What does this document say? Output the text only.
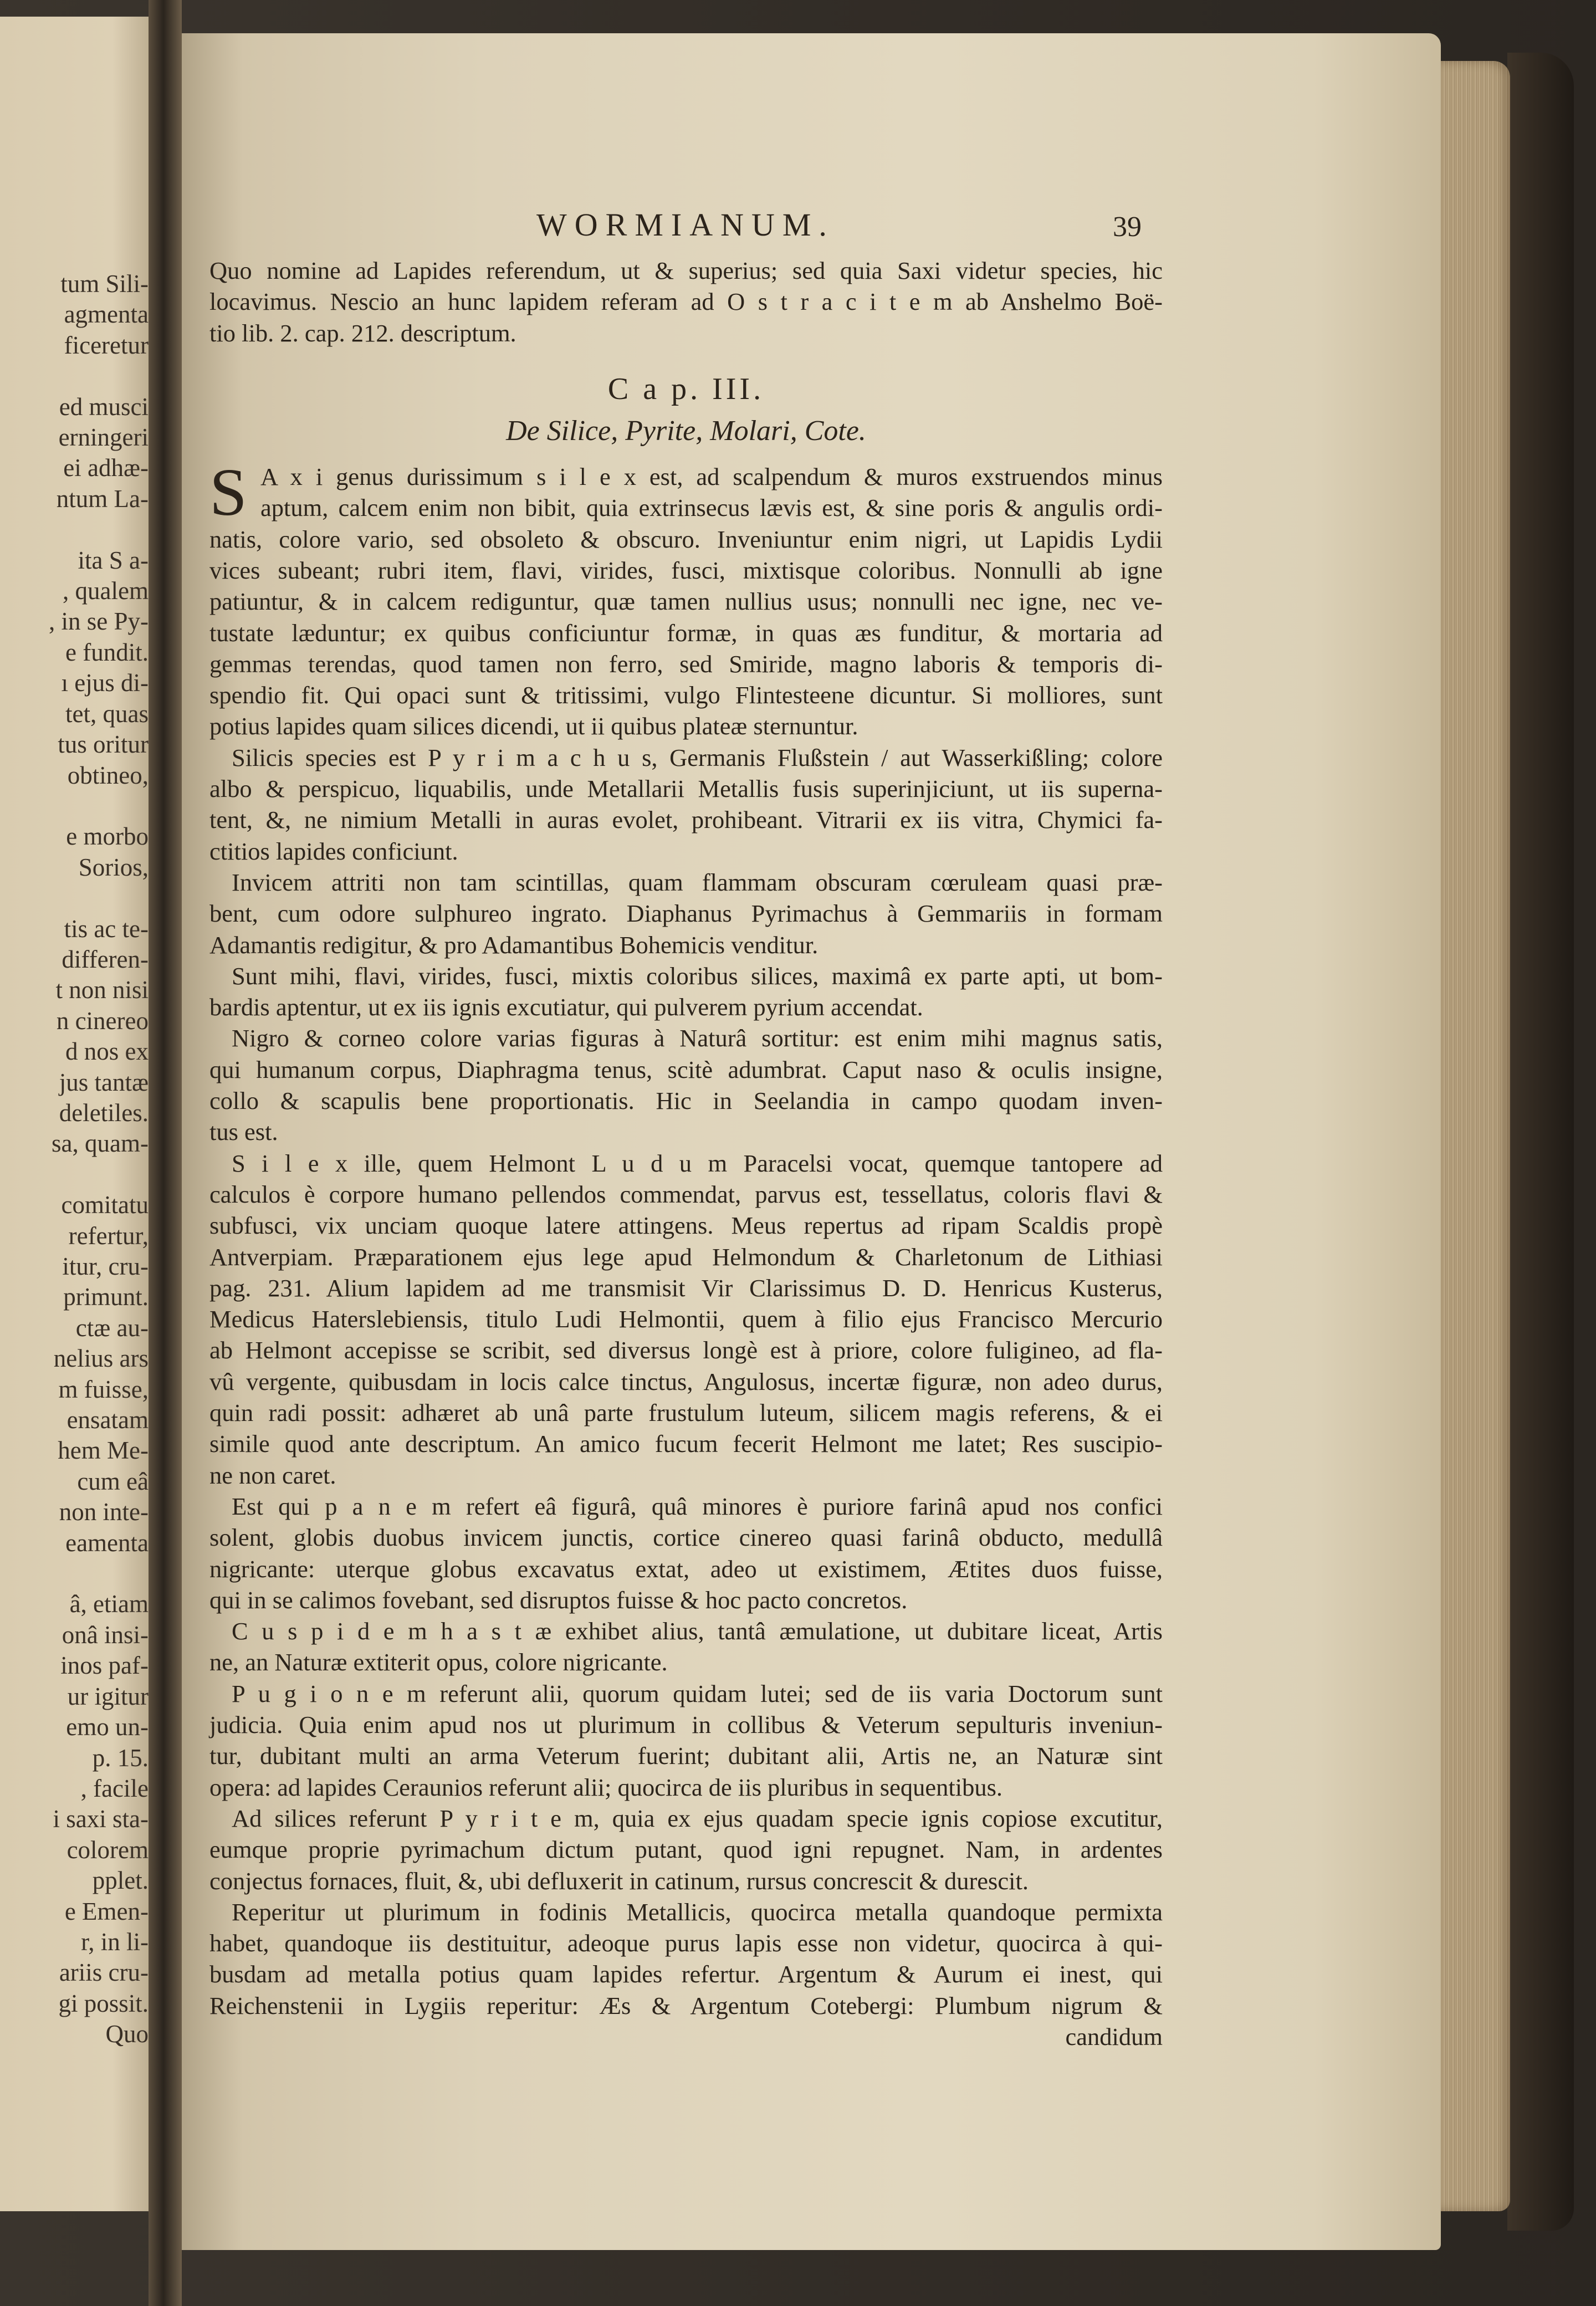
tum Sili-
agmenta
ficeretur

ed musci
erningeri
ei adhæ-
ntum La-

ita S a-
, qualem
, in se Py-
e fundit.
ı ejus di-
tet, quas
tus oritur
obtineo,

e morbo
Sorios,

tis ac te-
differen-
t non nisi
n cinereo
d nos ex
jus tantæ
deletiles.
sa, quam-

comitatu
refertur,
itur, cru-
primunt.
ctæ au-
nelius ars
m fuisse,
ensatam
hem Me-
cum eâ
non inte-
eamenta

â, etiam
onâ insi-
inos paf-
ur igitur
emo un-
p. 15.
, facile
i saxi sta-
colorem
pplet.
e Emen-
r, in li-
ariis cru-
gi possit.
Quo
WORMIANUM.	39
Quo nomine ad Lapides referendum, ut & superius; sed quia Saxi videtur species, hic
locavimus. Nescio an hunc lapidem referam ad O s t r a c i t e m ab Anshelmo Boë-
tio lib. 2. cap. 212. descriptum.
C a p. III.
De Silice, Pyrite, Molari, Cote.
S A x i genus durissimum s i l e x est, ad scalpendum & muros exstruendos minus
aptum, calcem enim non bibit, quia extrinsecus lævis est, & sine poris & angulis ordi-
natis, colore vario, sed obsoleto & obscuro. Inveniuntur enim nigri, ut Lapidis Lydii
vices subeant; rubri item, flavi, virides, fusci, mixtisque coloribus. Nonnulli ab igne
patiuntur, & in calcem rediguntur, quæ tamen nullius usus; nonnulli nec igne, nec ve-
tustate læduntur; ex quibus conficiuntur formæ, in quas æs funditur, & mortaria ad
gemmas terendas, quod tamen non ferro, sed Smiride, magno laboris & temporis di-
spendio fit. Qui opaci sunt & tritissimi, vulgo Flintesteene dicuntur. Si molliores, sunt
potius lapides quam silices dicendi, ut ii quibus plateæ sternuntur.
Silicis species est P y r i m a c h u s, Germanis Flußstein / aut Wasserkißling; colore
albo & perspicuo, liquabilis, unde Metallarii Metallis fusis superinjiciunt, ut iis superna-
tent, &, ne nimium Metalli in auras evolet, prohibeant. Vitrarii ex iis vitra, Chymici fa-
ctitios lapides conficiunt.
Invicem attriti non tam scintillas, quam flammam obscuram cœruleam quasi præ-
bent, cum odore sulphureo ingrato. Diaphanus Pyrimachus à Gemmariis in formam
Adamantis redigitur, & pro Adamantibus Bohemicis venditur.
Sunt mihi, flavi, virides, fusci, mixtis coloribus silices, maximâ ex parte apti, ut bom-
bardis aptentur, ut ex iis ignis excutiatur, qui pulverem pyrium accendat.
Nigro & corneo colore varias figuras à Naturâ sortitur: est enim mihi magnus satis,
qui humanum corpus, Diaphragma tenus, scitè adumbrat. Caput naso & oculis insigne,
collo & scapulis bene proportionatis. Hic in Seelandia in campo quodam inven-
tus est.
S i l e x ille, quem Helmont L u d u m Paracelsi vocat, quemque tantopere ad
calculos è corpore humano pellendos commendat, parvus est, tessellatus, coloris flavi &
subfusci, vix unciam quoque latere attingens. Meus repertus ad ripam Scaldis propè
Antverpiam. Præparationem ejus lege apud Helmondum & Charletonum de Lithiasi
pag. 231. Alium lapidem ad me transmisit Vir Clarissimus D. D. Henricus Kusterus,
Medicus Haterslebiensis, titulo Ludi Helmontii, quem à filio ejus Francisco Mercurio
ab Helmont accepisse se scribit, sed diversus longè est à priore, colore fuligineo, ad fla-
vû vergente, quibusdam in locis calce tinctus, Angulosus, incertæ figuræ, non adeo durus,
quin radi possit: adhæret ab unâ parte frustulum luteum, silicem magis referens, & ei
simile quod ante descriptum. An amico fucum fecerit Helmont me latet; Res suscipio-
ne non caret.
Est qui p a n e m refert eâ figurâ, quâ minores è puriore farinâ apud nos confici
solent, globis duobus invicem junctis, cortice cinereo quasi farinâ obducto, medullâ
nigricante: uterque globus excavatus extat, adeo ut existimem, Ætites duos fuisse,
qui in se calimos fovebant, sed disruptos fuisse & hoc pacto concretos.
C u s p i d e m h a s t æ exhibet alius, tantâ æmulatione, ut dubitare liceat, Artis
ne, an Naturæ extiterit opus, colore nigricante.
P u g i o n e m referunt alii, quorum quidam lutei; sed de iis varia Doctorum sunt
judicia. Quia enim apud nos ut plurimum in collibus & Veterum sepulturis inveniun-
tur, dubitant multi an arma Veterum fuerint; dubitant alii, Artis ne, an Naturæ sint
opera: ad lapides Ceraunios referunt alii; quocirca de iis pluribus in sequentibus.
Ad silices referunt P y r i t e m, quia ex ejus quadam specie ignis copiose excutitur,
eumque proprie pyrimachum dictum putant, quod igni repugnet. Nam, in ardentes
conjectus fornaces, fluit, &, ubi defluxerit in catinum, rursus concrescit & durescit.
Reperitur ut plurimum in fodinis Metallicis, quocirca metalla quandoque permixta
habet, quandoque iis destituitur, adeoque purus lapis esse non videtur, quocirca à qui-
busdam ad metalla potius quam lapides refertur. Argentum & Aurum ei inest, qui
Reichenstenii in Lygiis reperitur: Æs & Argentum Cotebergi: Plumbum nigrum &
candidum
